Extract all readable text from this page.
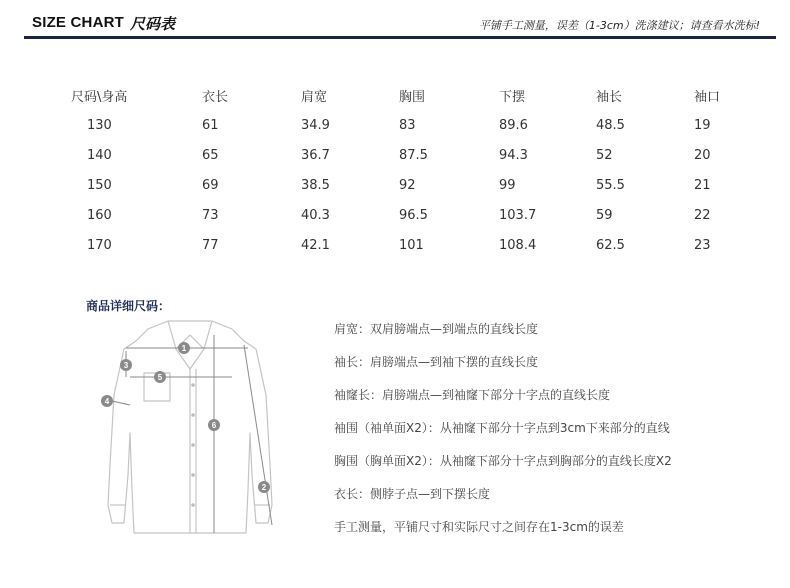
SIZE CHART 尺码表	平铺手工测量，误差（1-3cm）洗涤建议；请查看水洗标!
尺码\身高	衣长	肩宽	胸围	下摆	袖长	袖口
130	61	34.9	83	89.6	48.5	19
140	65	36.7	87.5	94.3	52	20
150	69	38.5	92	99	55.5	21
160	73	40.3	96.5	103.7	59	22
170	77	42.1	101	108.4	62.5	23
商品详细尺码：
1
2
3
4
5
6
肩宽：双肩膀端点—到端点的直线长度
袖长：肩膀端点—到袖下摆的直线长度
袖窿长：肩膀端点—到袖窿下部分十字点的直线长度
袖围（袖单面X2）：从袖窿下部分十字点到3cm下来部分的直线
胸围（胸单面X2）：从袖窿下部分十字点到胸部分的直线长度X2
衣长：侧脖子点—到下摆长度
手工测量，平铺尺寸和实际尺寸之间存在1-3cm的误差
